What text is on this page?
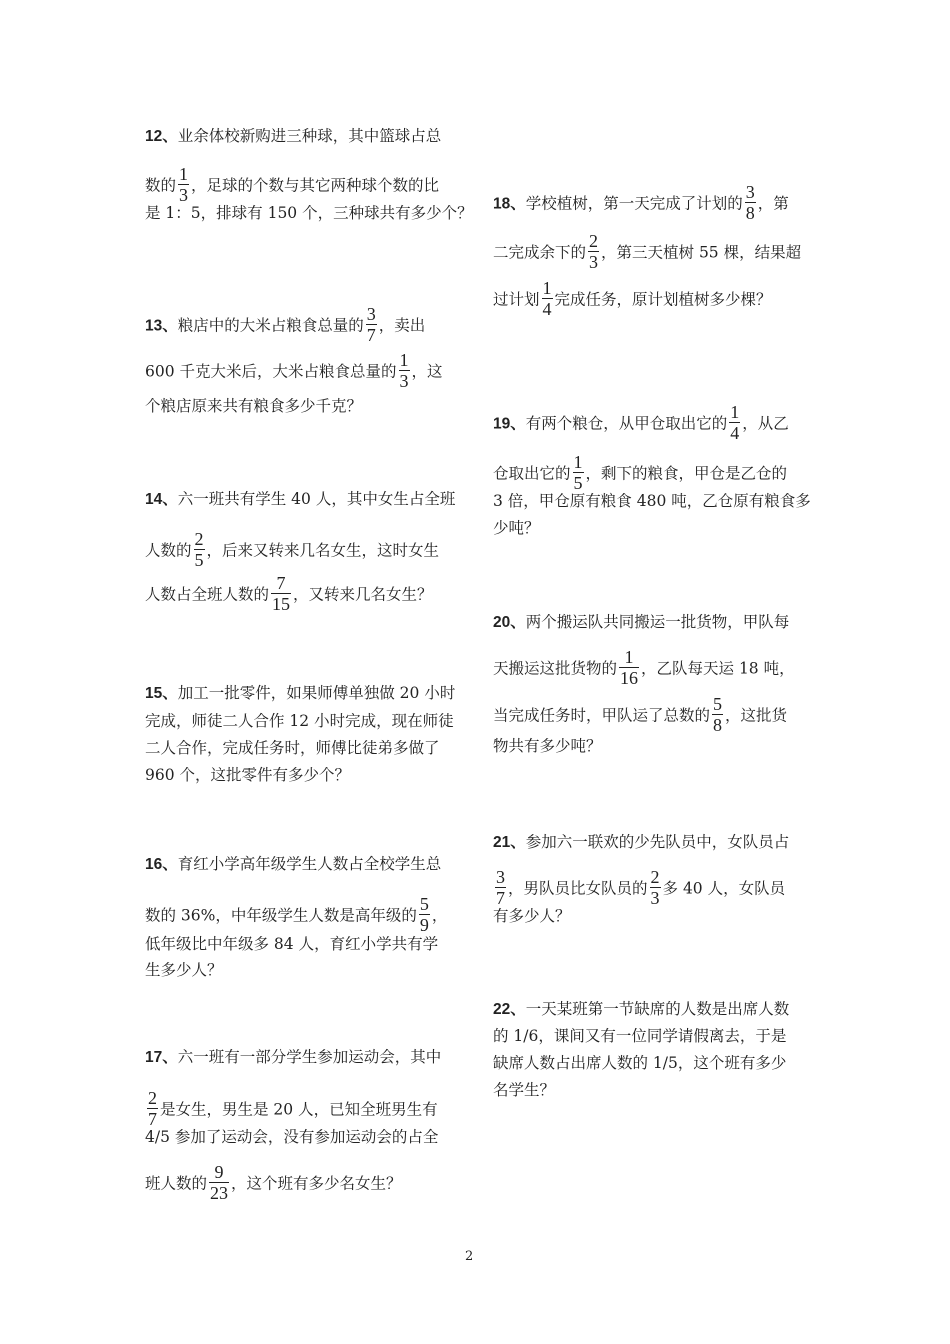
12、业余体校新购进三种球，其中篮球占总
数的 $\frac{1}{3}$ ，足球的个数与其它两种球个数的比
是 1：5，排球有 150 个，三种球共有多少个？
13、粮店中的大米占粮食总量的 $\frac{3}{7}$ ，卖出
600 千克大米后，大米占粮食总量的 $\frac{1}{3}$ ，这
个粮店原来共有粮食多少千克？
14、六一班共有学生 40 人，其中女生占全班
人数的 $\frac{2}{5}$ ，后来又转来几名女生，这时女生
人数占全班人数的 $\frac{7}{15}$ ，又转来几名女生？
15、加工一批零件，如果师傅单独做 20 小时
完成，师徒二人合作 12 小时完成，现在师徒
二人合作，完成任务时，师傅比徒弟多做了
960 个，这批零件有多少个？
16、育红小学高年级学生人数占全校学生总
数的 36%，中年级学生人数是高年级的 $\frac{5}{9}$ ，
低年级比中年级多 84 人，育红小学共有学
生多少人？
17、六一班有一部分学生参加运动会，其中
$\frac{2}{7}$ 是女生，男生是 20 人，已知全班男生有
4/5 参加了运动会，没有参加运动会的占全
班人数的 $\frac{9}{23}$ ，这个班有多少名女生？
18、学校植树，第一天完成了计划的 $\frac{3}{8}$ ，第
二完成余下的 $\frac{2}{3}$ ，第三天植树 55 棵，结果超
过计划 $\frac{1}{4}$ 完成任务，原计划植树多少棵？
19、有两个粮仓，从甲仓取出它的 $\frac{1}{4}$ ，从乙
仓取出它的 $\frac{1}{5}$ ，剩下的粮食，甲仓是乙仓的
3 倍，甲仓原有粮食 480 吨，乙仓原有粮食多
少吨？
20、两个搬运队共同搬运一批货物，甲队每
天搬运这批货物的 $\frac{1}{16}$ ，乙队每天运 18 吨，
当完成任务时，甲队运了总数的 $\frac{5}{8}$ ，这批货
物共有多少吨？
21、参加六一联欢的少先队员中，女队员占
$\frac{3}{7}$ ，男队员比女队员的 $\frac{2}{3}$ 多 40 人，女队员
有多少人？
22、一天某班第一节缺席的人数是出席人数
的 1/6，课间又有一位同学请假离去，于是
缺席人数占出席人数的 1/5，这个班有多少
名学生？
2
